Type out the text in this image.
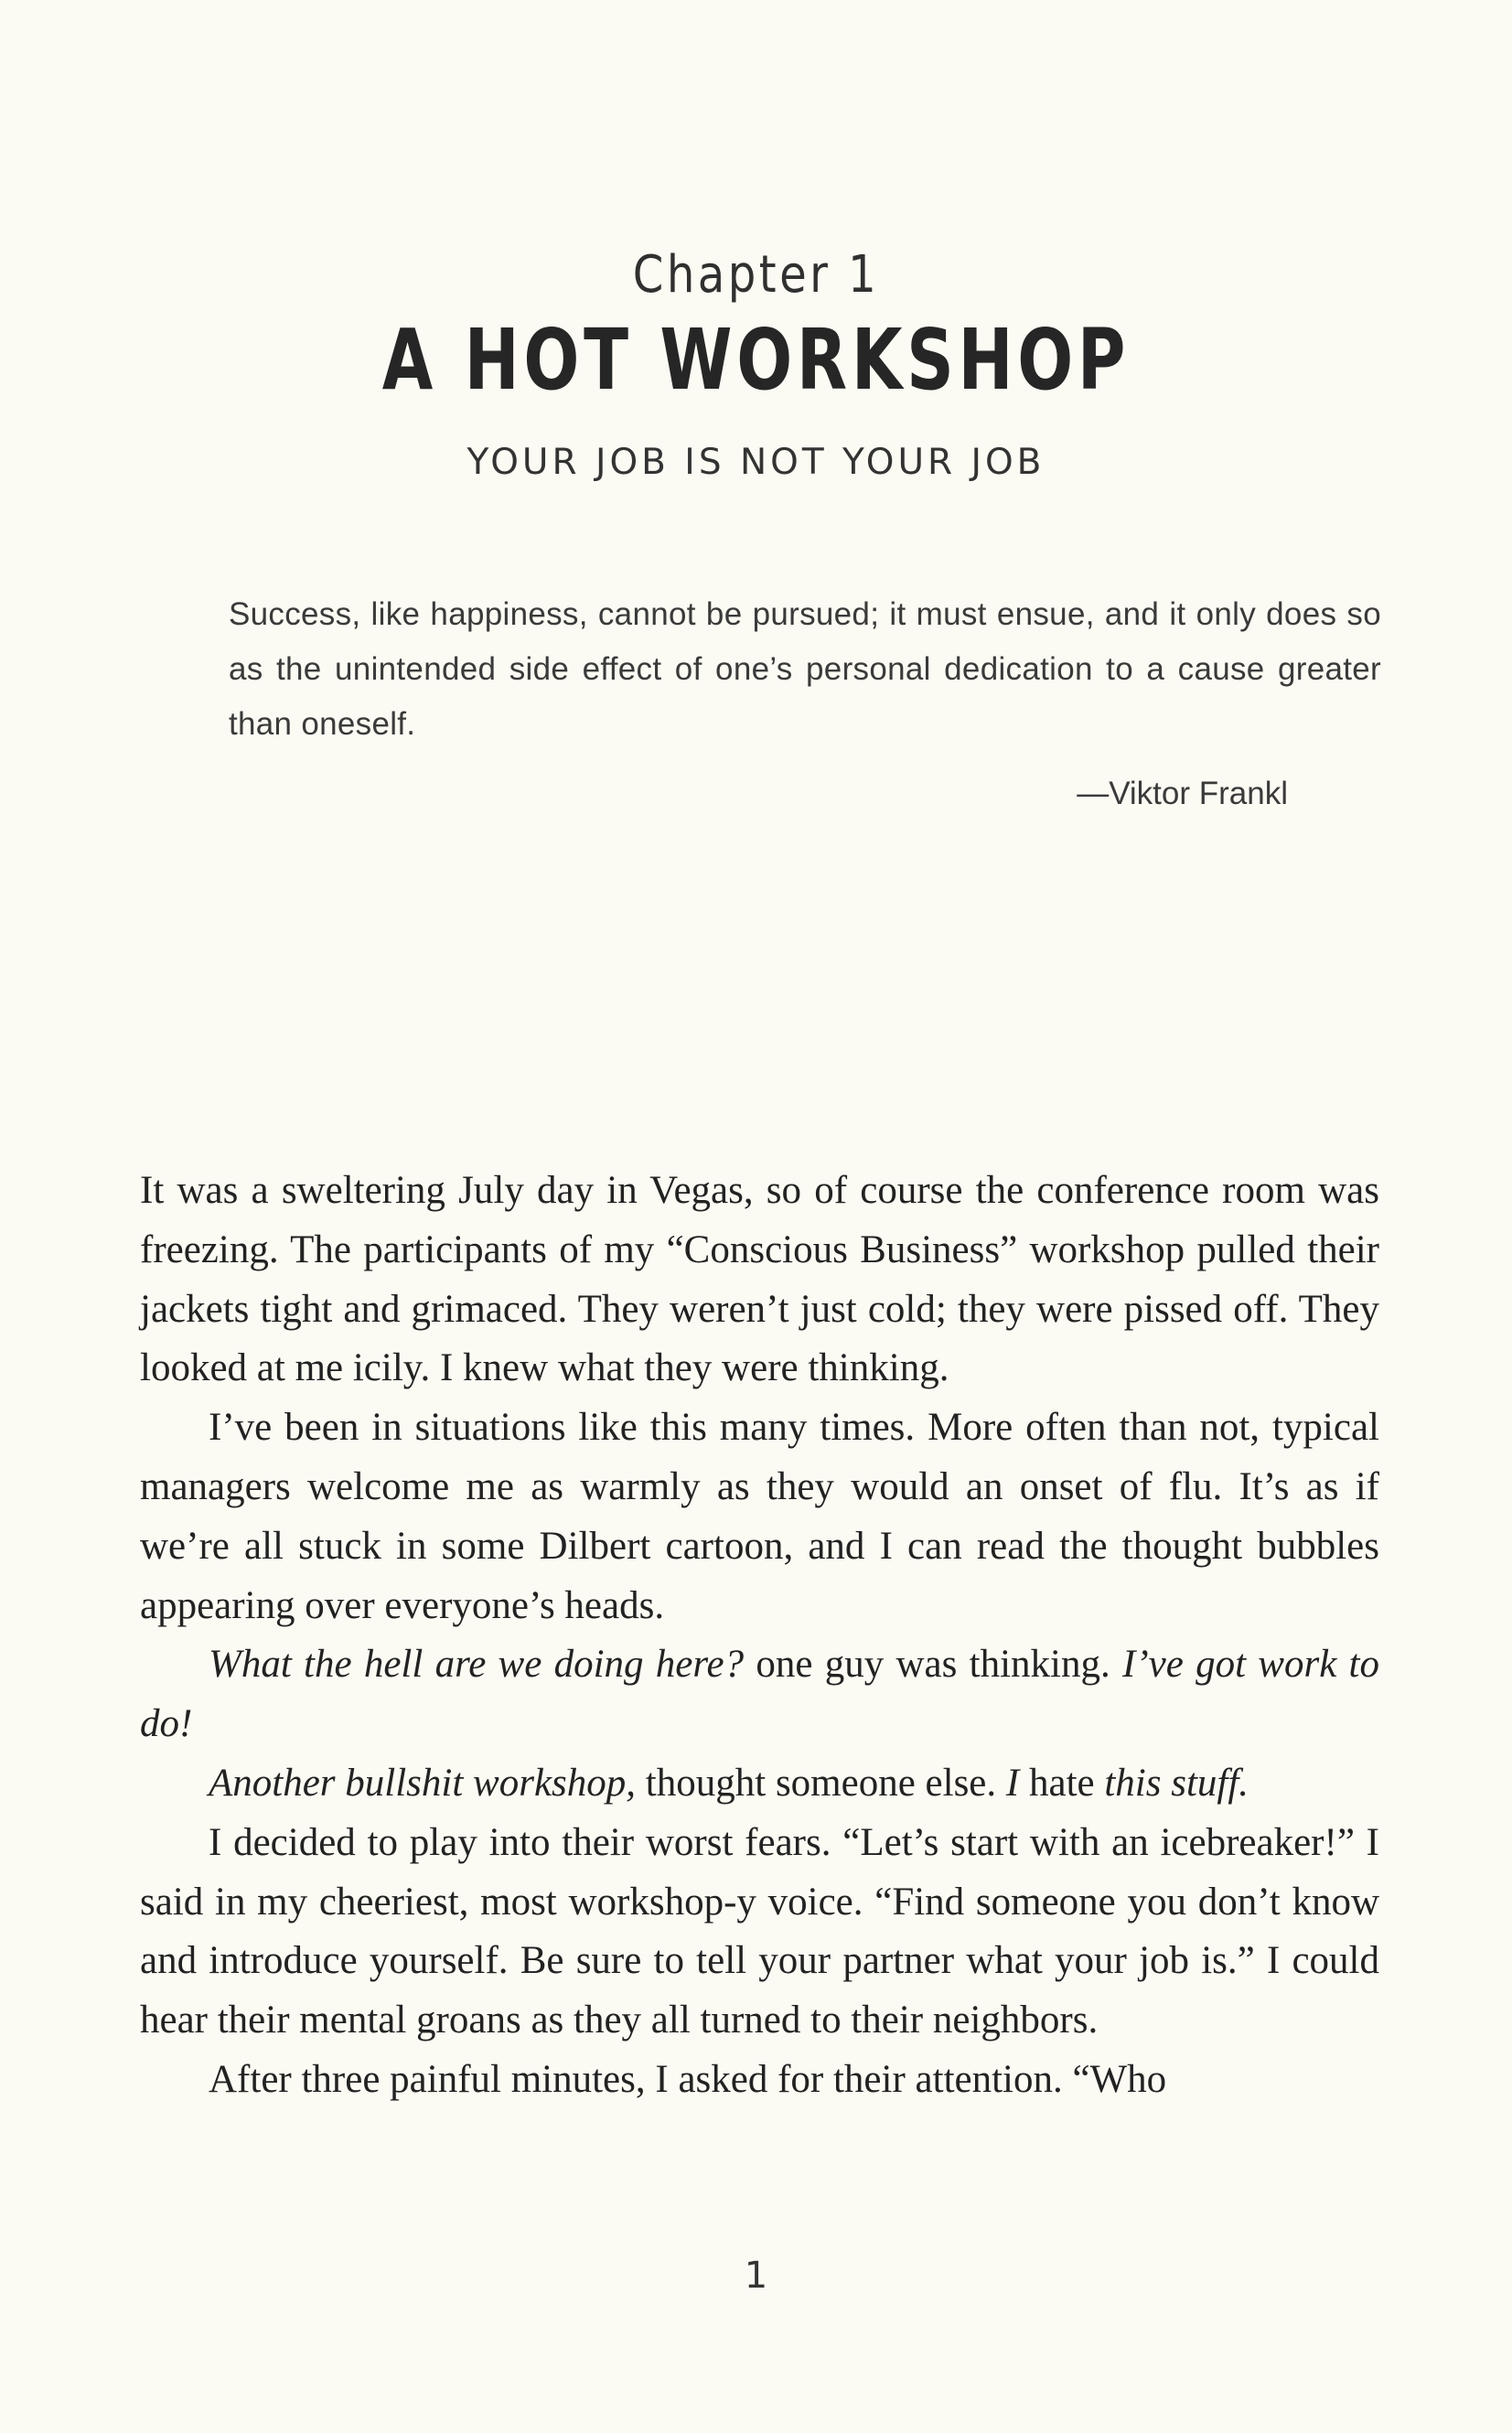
Chapter 1
A HOT WORKSHOP
YOUR JOB IS NOT YOUR JOB
Success, like happiness, cannot be pursued; it must ensue, and it only does so as the unintended side effect of one’s personal dedication to a cause greater than oneself.
—Viktor Frankl

It was a sweltering July day in Vegas, so of course the conference room was freezing. The participants of my “Conscious Business” workshop pulled their jackets tight and grimaced. They weren’t just cold; they were pissed off. They looked at me icily. I knew what they were thinking.

I’ve been in situations like this many times. More often than not, typical managers welcome me as warmly as they would an onset of flu. It’s as if we’re all stuck in some Dilbert cartoon, and I can read the thought bubbles appearing over everyone’s heads.

What the hell are we doing here? one guy was thinking. I’ve got work to do!

Another bullshit workshop, thought someone else. I hate this stuff.

I decided to play into their worst fears. “Let’s start with an icebreaker!” I said in my cheeriest, most workshop-y voice. “Find someone you don’t know and introduce yourself. Be sure to tell your partner what your job is.” I could hear their mental groans as they all turned to their neighbors.

After three painful minutes, I asked for their attention. “Who

1
